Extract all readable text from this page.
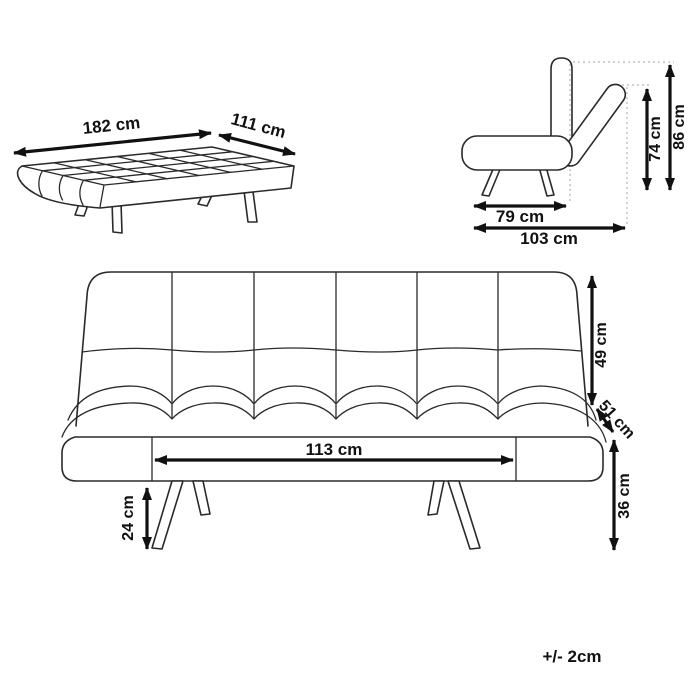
182 cm	111 cm
79 cm
103 cm
74 cm 86 cm
113 cm
24 cm
49 cm
51 cm
36 cm
+/- 2cm
